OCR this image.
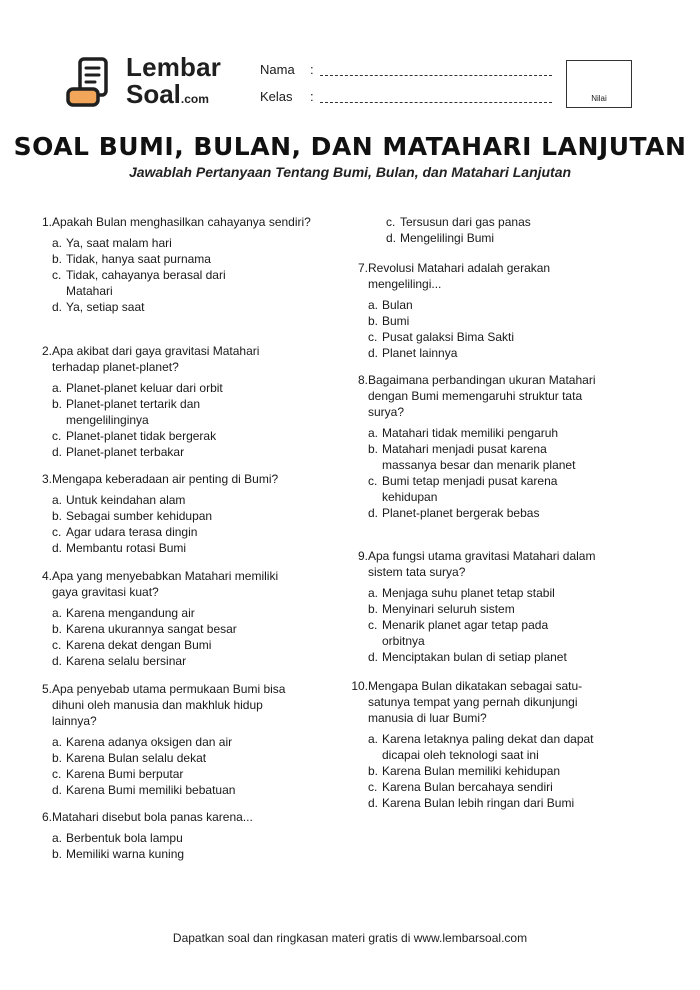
Lembar
Soal.com
Nama :
Kelas :	Nilai
SOAL BUMI, BULAN, DAN MATAHARI LANJUTAN
Jawablah Pertanyaan Tentang Bumi, Bulan, dan Matahari Lanjutan
1. Apakah Bulan menghasilkan cahayanya sendiri?
a. Ya, saat malam hari
b. Tidak, hanya saat purnama
c. Tidak, cahayanya berasal dari Matahari
d. Ya, setiap saat
2. Apa akibat dari gaya gravitasi Matahari terhadap planet-planet?
a. Planet-planet keluar dari orbit
b. Planet-planet tertarik dan mengelilinginya
c. Planet-planet tidak bergerak
d. Planet-planet terbakar
3. Mengapa keberadaan air penting di Bumi?
a. Untuk keindahan alam
b. Sebagai sumber kehidupan
c. Agar udara terasa dingin
d. Membantu rotasi Bumi
4. Apa yang menyebabkan Matahari memiliki gaya gravitasi kuat?
a. Karena mengandung air
b. Karena ukurannya sangat besar
c. Karena dekat dengan Bumi
d. Karena selalu bersinar
5. Apa penyebab utama permukaan Bumi bisa dihuni oleh manusia dan makhluk hidup lainnya?
a. Karena adanya oksigen dan air
b. Karena Bulan selalu dekat
c. Karena Bumi berputar
d. Karena Bumi memiliki bebatuan
6. Matahari disebut bola panas karena...
a. Berbentuk bola lampu
b. Memiliki warna kuning
c. Tersusun dari gas panas
d. Mengelilingi Bumi
7. Revolusi Matahari adalah gerakan mengelilingi...
a. Bulan
b. Bumi
c. Pusat galaksi Bima Sakti
d. Planet lainnya
8. Bagaimana perbandingan ukuran Matahari dengan Bumi memengaruhi struktur tata surya?
a. Matahari tidak memiliki pengaruh
b. Matahari menjadi pusat karena massanya besar dan menarik planet
c. Bumi tetap menjadi pusat karena kehidupan
d. Planet-planet bergerak bebas
9. Apa fungsi utama gravitasi Matahari dalam sistem tata surya?
a. Menjaga suhu planet tetap stabil
b. Menyinari seluruh sistem
c. Menarik planet agar tetap pada orbitnya
d. Menciptakan bulan di setiap planet
10. Mengapa Bulan dikatakan sebagai satu-satunya tempat yang pernah dikunjungi manusia di luar Bumi?
a. Karena letaknya paling dekat dan dapat dicapai oleh teknologi saat ini
b. Karena Bulan memiliki kehidupan
c. Karena Bulan bercahaya sendiri
d. Karena Bulan lebih ringan dari Bumi
Dapatkan soal dan ringkasan materi gratis di www.lembarsoal.com
